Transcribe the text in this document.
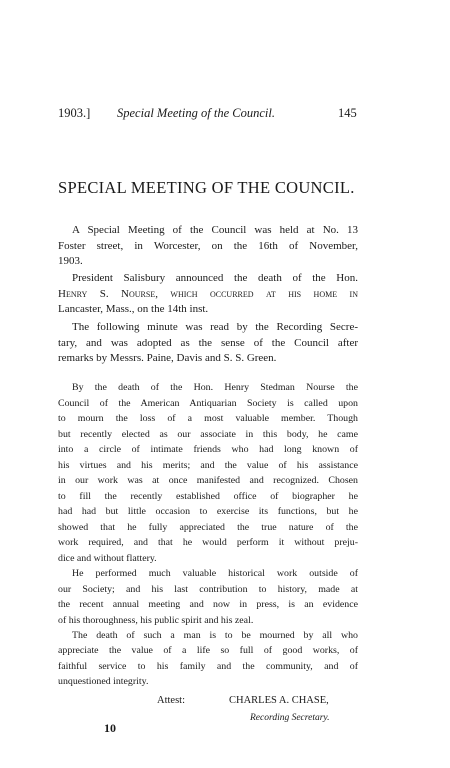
1903.] Special Meeting of the Council.	145
SPECIAL MEETING OF THE COUNCIL.
A Special Meeting of the Council was held at No. 13
Foster street, in Worcester, on the 16th of November,
1903.
President Salisbury announced the death of the Hon.
Henry S. Nourse, which occurred at his home in
Lancaster, Mass., on the 14th inst.
The following minute was read by the Recording Secre-
tary, and was adopted as the sense of the Council after
remarks by Messrs. Paine, Davis and S. S. Green.
By the death of the Hon. Henry Stedman Nourse the
Council of the American Antiquarian Society is called upon
to mourn the loss of a most valuable member. Though
but recently elected as our associate in this body, he came
into a circle of intimate friends who had long known of
his virtues and his merits; and the value of his assistance
in our work was at once manifested and recognized. Chosen
to fill the recently established office of biographer he
had had but little occasion to exercise its functions, but he
showed that he fully appreciated the true nature of the
work required, and that he would perform it without preju-
dice and without flattery.
He performed much valuable historical work outside of
our Society; and his last contribution to history, made at
the recent annual meeting and now in press, is an evidence
of his thoroughness, his public spirit and his zeal.
The death of such a man is to be mourned by all who
appreciate the value of a life so full of good works, of
faithful service to his family and the community, and of
unquestioned integrity.
Attest:	CHARLES A. CHASE,
Recording Secretary.
10
